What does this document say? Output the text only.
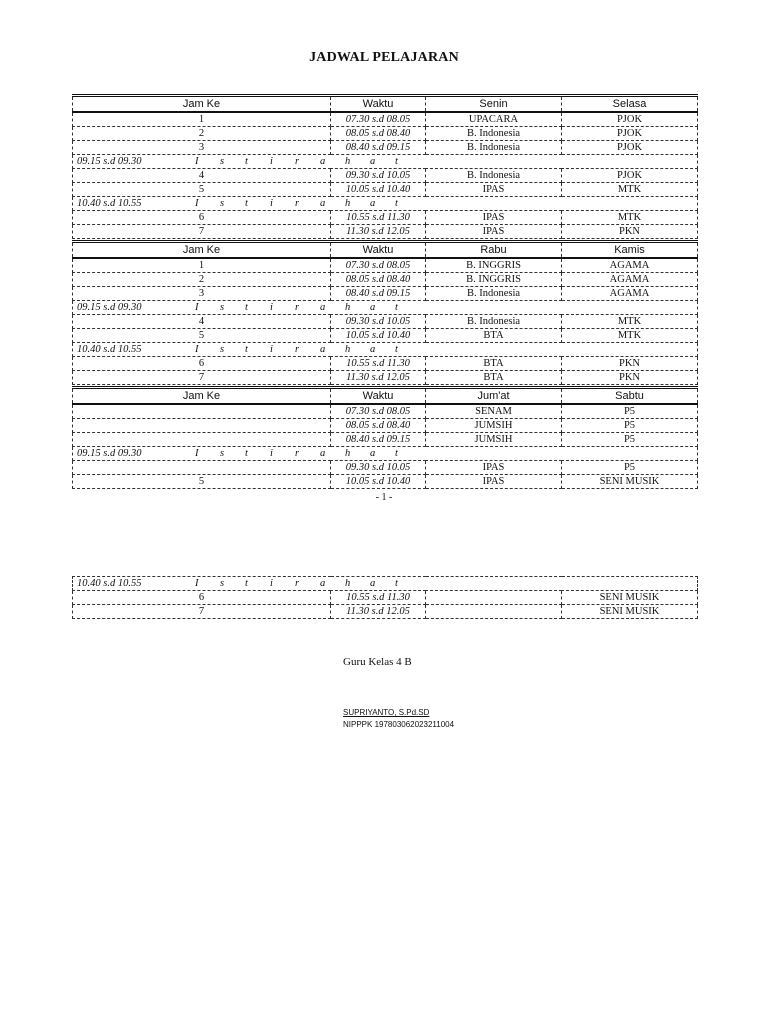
JADWAL PELAJARAN
Jam Ke	Waktu	Senin	Selasa
1	07.30 s.d 08.05	UPACARA	PJOK
2	08.05 s.d 08.40	B. Indonesia	PJOK
3	08.40 s.d 09.15	B. Indonesia	PJOK
09.15 s.d 09.30 I s t i r a h a t			
4	09.30 s.d 10.05	B. Indonesia	PJOK
5	10.05 s.d 10.40	IPAS	MTK
10.40 s.d 10.55 I s t i r a h a t			
6	10.55 s.d 11.30	IPAS	MTK
7	11.30 s.d 12.05	IPAS	PKN
Jam Ke	Waktu	Rabu	Kamis
1	07.30 s.d 08.05	B. INGGRIS	AGAMA
2	08.05 s.d 08.40	B. INGGRIS	AGAMA
3	08.40 s.d 09.15	B. Indonesia	AGAMA
09.15 s.d 09.30 I s t i r a h a t			
4	09.30 s.d 10.05	B. Indonesia	MTK
5	10.05 s.d 10.40	BTA	MTK
10.40 s.d 10.55 I s t i r a h a t			
6	10.55 s.d 11.30	BTA	PKN
7	11.30 s.d 12.05	BTA	PKN
Jam Ke	Waktu	Jum'at	Sabtu
	07.30 s.d 08.05	SENAM	P5
	08.05 s.d 08.40	JUMSIH	P5
	08.40 s.d 09.15	JUMSIH	P5
09.15 s.d 09.30 I s t i r a h a t			
	09.30 s.d 10.05	IPAS	P5
5	10.05 s.d 10.40	IPAS	SENI MUSIK
- 1 -
10.40 s.d 10.55 I s t i r a h a t			
6	10.55 s.d 11.30		SENI MUSIK
7	11.30 s.d 12.05		SENI MUSIK
Guru Kelas 4 B
SUPRIYANTO, S.Pd.SD
NIPPPK 197803062023211004
